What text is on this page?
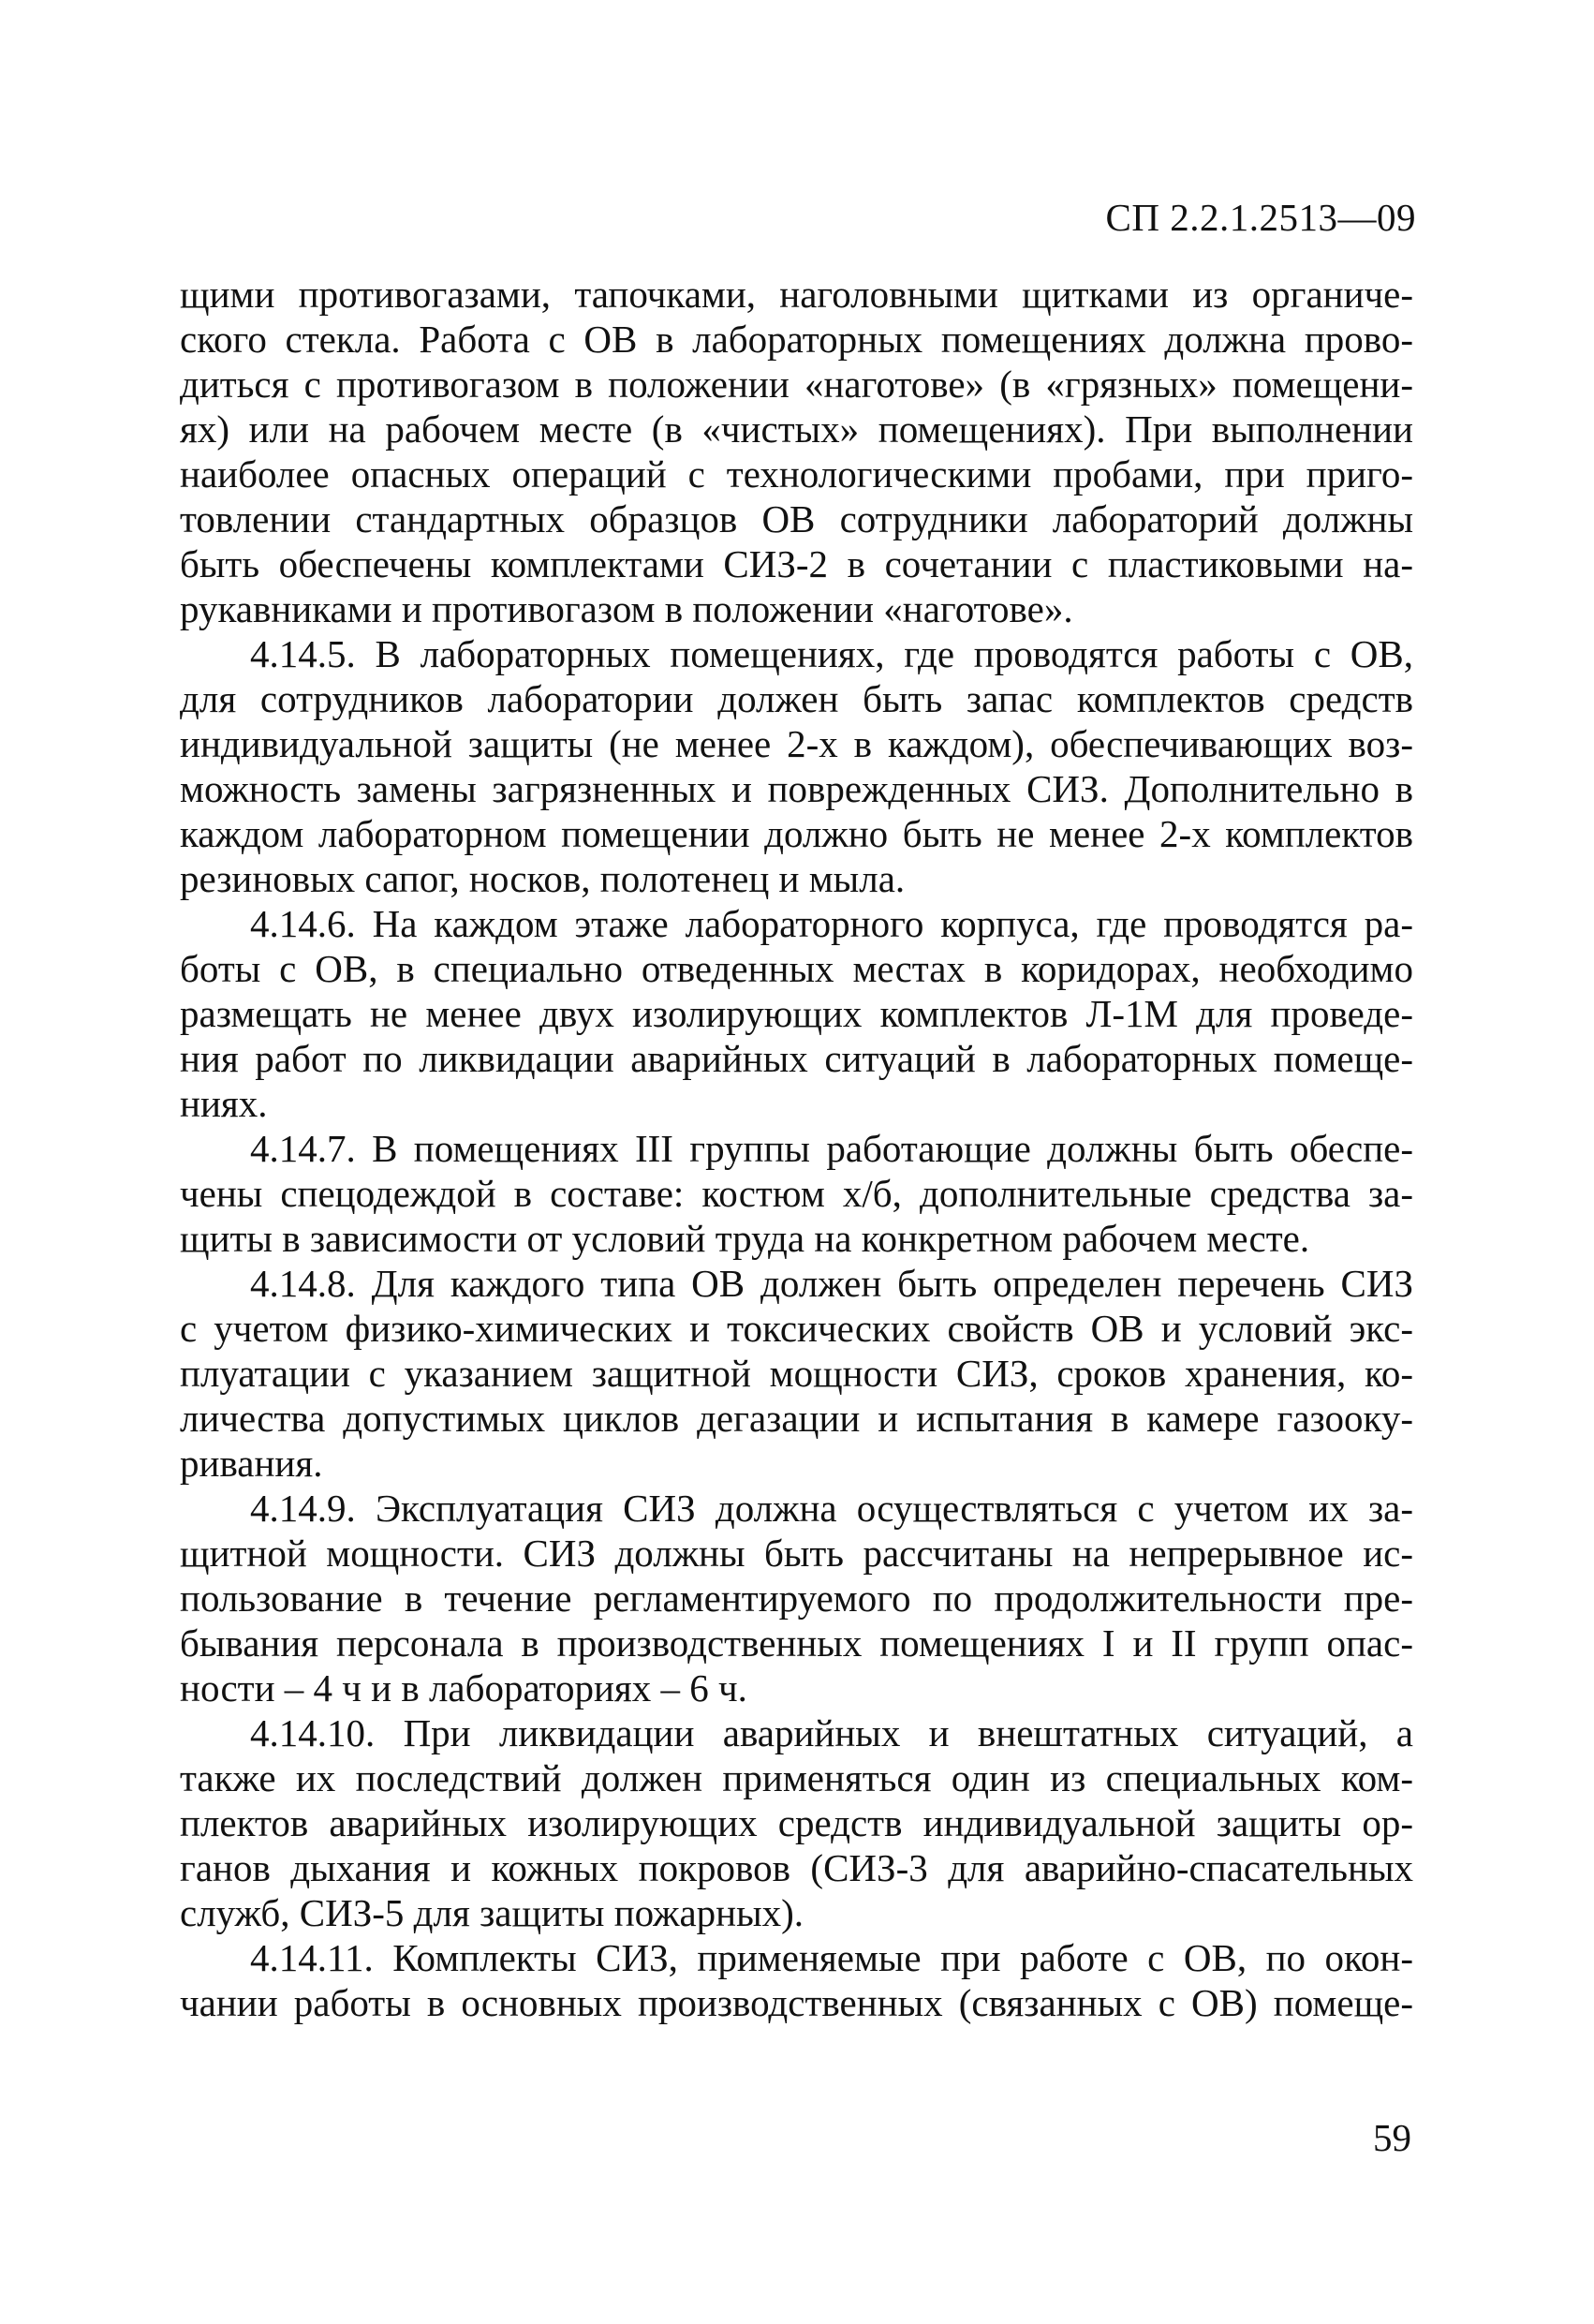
СП 2.2.1.2513—09
щими противогазами, тапочками, наголовными щитками из органиче-
ского стекла. Работа с ОВ в лабораторных помещениях должна прово-
диться с противогазом в положении «наготове» (в «грязных» помещени-
ях) или на рабочем месте (в «чистых» помещениях). При выполнении
наиболее опасных операций с технологическими пробами, при приго-
товлении стандартных образцов ОВ сотрудники лабораторий должны
быть обеспечены комплектами СИЗ-2 в сочетании с пластиковыми на-
рукавниками и противогазом в положении «наготове».
4.14.5. В лабораторных помещениях, где проводятся работы с ОВ,
для сотрудников лаборатории должен быть запас комплектов средств
индивидуальной защиты (не менее 2-х в каждом), обеспечивающих воз-
можность замены загрязненных и поврежденных СИЗ. Дополнительно в
каждом лабораторном помещении должно быть не менее 2-х комплектов
резиновых сапог, носков, полотенец и мыла.
4.14.6. На каждом этаже лабораторного корпуса, где проводятся ра-
боты с ОВ, в специально отведенных местах в коридорах, необходимо
размещать не менее двух изолирующих комплектов Л-1М для проведе-
ния работ по ликвидации аварийных ситуаций в лабораторных помеще-
ниях.
4.14.7. В помещениях III группы работающие должны быть обеспе-
чены спецодеждой в составе: костюм х/б, дополнительные средства за-
щиты в зависимости от условий труда на конкретном рабочем месте.
4.14.8. Для каждого типа ОВ должен быть определен перечень СИЗ
с учетом физико-химических и токсических свойств ОВ и условий экс-
плуатации с указанием защитной мощности СИЗ, сроков хранения, ко-
личества допустимых циклов дегазации и испытания в камере газооку-
ривания.
4.14.9. Эксплуатация СИЗ должна осуществляться с учетом их за-
щитной мощности. СИЗ должны быть рассчитаны на непрерывное ис-
пользование в течение регламентируемого по продолжительности пре-
бывания персонала в производственных помещениях I и II групп опас-
ности – 4 ч и в лабораториях – 6 ч.
4.14.10. При ликвидации аварийных и внештатных ситуаций, а
также их последствий должен применяться один из специальных ком-
плектов аварийных изолирующих средств индивидуальной защиты ор-
ганов дыхания и кожных покровов (СИЗ-3 для аварийно-спасательных
служб, СИЗ-5 для защиты пожарных).
4.14.11. Комплекты СИЗ, применяемые при работе с ОВ, по окон-
чании работы в основных производственных (связанных с ОВ) помеще-
59
